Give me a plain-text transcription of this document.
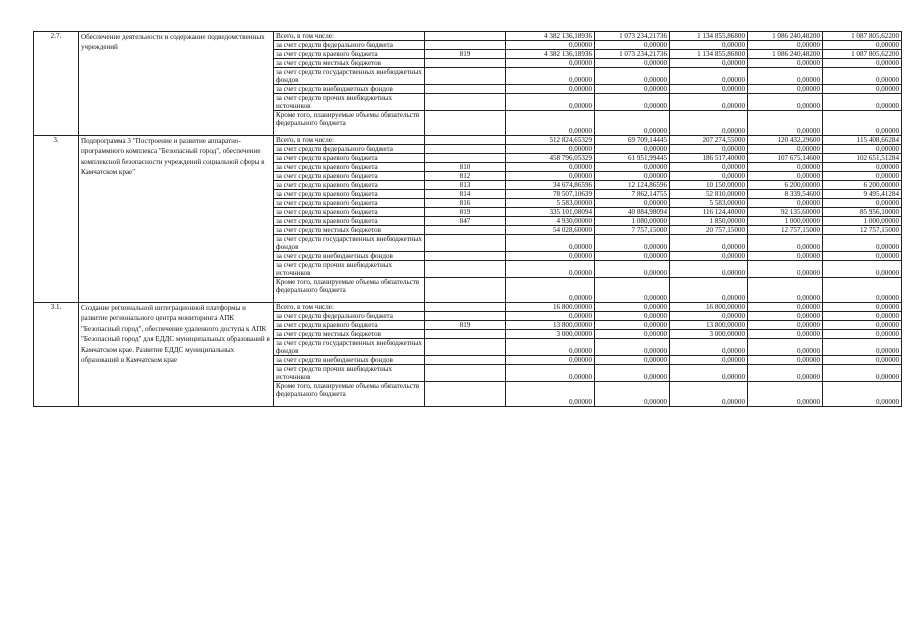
2.7.	Обеспечение деятельности и содержание подведомственных учреждений	Всего, в том числе:		4 382 136,18936	1 073 234,21736	1 134 855,86800	1 086 240,48200	1 087 805,62200
		за счет средств федерального бюджета		0,00000	0,00000	0,00000	0,00000	0,00000
		за счет средств краевого бюджета	819	4 382 136,18936	1 073 234,21736	1 134 855,86800	1 086 240,48200	1 087 805,62200
		за счет средств местных бюджетов		0,00000	0,00000	0,00000	0,00000	0,00000
		за счет средств государственных внебюджетных фондов		0,00000	0,00000	0,00000	0,00000	0,00000
		за счет средств внебюджетных фондов		0,00000	0,00000	0,00000	0,00000	0,00000
		за счет средств прочих внебюджетных источников		0,00000	0,00000	0,00000	0,00000	0,00000
		Кроме того, планируемые объемы обязательств федерального бюджета		0,00000	0,00000	0,00000	0,00000	0,00000
3.	Подпрограмма 3 "Построение и развитие аппаратно-программного комплекса "Безопасный город", обеспечение комплексной безопасности учреждений социальной сферы в Камчатском крае"	Всего, в том числе:		512 824,65329	69 709,14445	207 274,55000	120 432,29600	115 408,66284
		за счет средств федерального бюджета		0,00000	0,00000	0,00000	0,00000	0,00000
		за счет средств краевого бюджета		458 796,05329	61 951,99445	186 517,40000	107 675,14600	102 651,51284
		за счет средств краевого бюджета	810	0,00000	0,00000	0,00000	0,00000	0,00000
		за счет средств краевого бюджета	812	0,00000	0,00000	0,00000	0,00000	0,00000
		за счет средств краевого бюджета	813	34 674,86596	12 124,86596	10 150,00000	6 200,00000	6 200,00000
		за счет средств краевого бюджета	814	78 507,10639	7 862,14755	52 810,00000	8 339,54600	9 495,41284
		за счет средств краевого бюджета	816	5 583,00000	0,00000	5 583,00000	0,00000	0,00000
		за счет средств краевого бюджета	819	335 101,08094	40 884,98094	116 124,40000	92 135,60000	85 956,10000
		за счет средств краевого бюджета	847	4 930,00000	1 080,00000	1 850,00000	1 000,00000	1 000,00000
		за счет средств местных бюджетов		54 028,60000	7 757,15000	20 757,15000	12 757,15000	12 757,15000
		за счет средств государственных внебюджетных фондов		0,00000	0,00000	0,00000	0,00000	0,00000
		за счет средств внебюджетных фондов		0,00000	0,00000	0,00000	0,00000	0,00000
		за счет средств прочих внебюджетных источников		0,00000	0,00000	0,00000	0,00000	0,00000
		Кроме того, планируемые объемы обязательств федерального бюджета		0,00000	0,00000	0,00000	0,00000	0,00000
3.1.	Создание региональной интеграционной платформы и развитие регионального центра мониторинга АПК "Безопасный город", обеспечение удаленного доступа к АПК "Безопасный город" для ЕДДС муниципальных образований в Камчатском крае. Развитие ЕДДС муниципальных образований в Камчатском крае	Всего, в том числе:		16 800,00000	0,00000	16 800,00000	0,00000	0,00000
		за счет средств федерального бюджета		0,00000	0,00000	0,00000	0,00000	0,00000
		за счет средств краевого бюджета	819	13 800,00000	0,00000	13 800,00000	0,00000	0,00000
		за счет средств местных бюджетов		3 000,00000	0,00000	3 000,00000	0,00000	0,00000
		за счет средств государственных внебюджетных фондов		0,00000	0,00000	0,00000	0,00000	0,00000
		за счет средств внебюджетных фондов		0,00000	0,00000	0,00000	0,00000	0,00000
		за счет средств прочих внебюджетных источников		0,00000	0,00000	0,00000	0,00000	0,00000
		Кроме того, планируемые объемы обязательств федерального бюджета		0,00000	0,00000	0,00000	0,00000	0,00000
